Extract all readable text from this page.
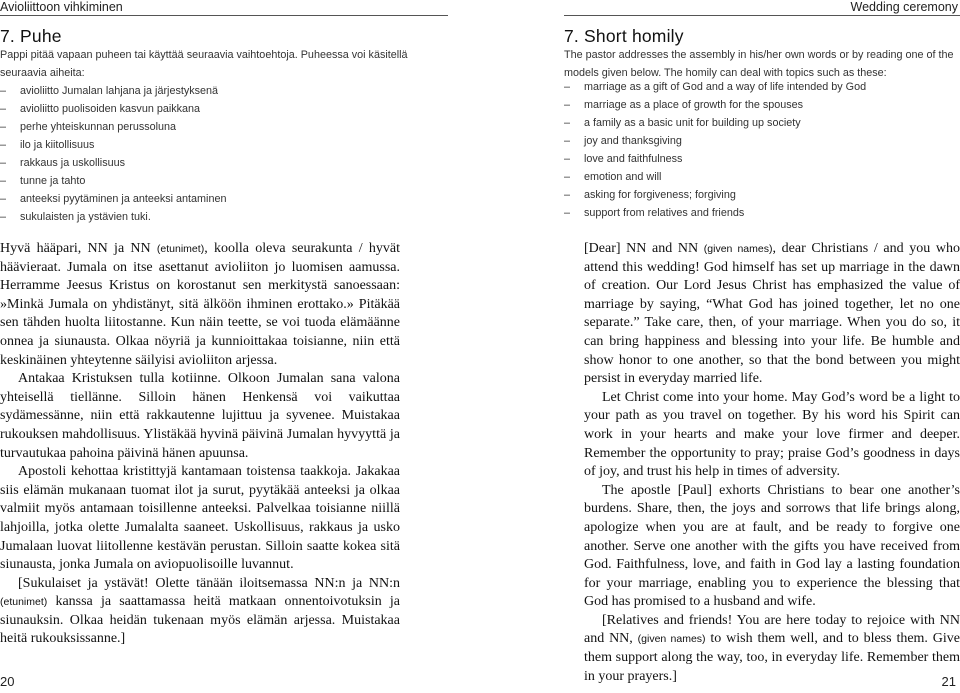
Avioliittoon vihkiminen
7. Puhe

Pappi pitää vapaan puheen tai käyttää seuraavia vaihtoehtoja. Puheessa voi käsitellä seuraavia aiheita:

– avioliitto Jumalan lahjana ja järjestyksenä
– avioliitto puolisoiden kasvun paikkana
– perhe yhteiskunnan perussoluna
– ilo ja kiitollisuus
– rakkaus ja uskollisuus
– tunne ja tahto
– anteeksi pyytäminen ja anteeksi antaminen
– sukulaisten ja ystävien tuki.

Hyvä hääpari, NN ja NN (etunimet), koolla oleva seurakunta / hyvät häävieraat. Jumala on itse asettanut avioliiton jo luomisen aamussa. Herramme Jeesus Kristus on korostanut sen merkitystä sanoessaan: »Minkä Jumala on yhdistänyt, sitä älköön ihminen erottako.» Pitäkää sen tähden huolta liitostanne. Kun näin teette, se voi tuoda elämäänne onnea ja siunausta. Olkaa nöyriä ja kunnioittakaa toisianne, niin että keskinäinen yhteytenne säilyisi avioliiton arjessa.

Antakaa Kristuksen tulla kotiinne. Olkoon Jumalan sana valona yhteisellä tiellänne. Silloin hänen Henkensä voi vaikuttaa sydämessänne, niin että rakkautenne lujittuu ja syvenee. Muistakaa rukouksen mahdollisuus. Ylistäkää hyvinä päivinä Jumalan hyvyyttä ja turvautukaa pahoina päivinä hänen apuunsa.

Apostoli kehottaa kristittyjä kantamaan toistensa taakkoja. Jakakaa siis elämän mukanaan tuomat ilot ja surut, pyytäkää anteeksi ja olkaa valmiit myös antamaan toisillenne anteeksi. Palvelkaa toisianne niillä lahjoilla, jotka olette Jumalalta saaneet. Uskollisuus, rakkaus ja usko Jumalaan luovat liitollenne kestävän perustan. Silloin saatte kokea sitä siunausta, jonka Jumala on aviopuolisoille luvannut.

[Sukulaiset ja ystävät! Olette tänään iloitsemassa NN:n ja NN:n (etunimet) kanssa ja saattamassa heitä matkaan onnentoivotuksin ja siunauksin. Olkaa heidän tukenaan myös elämän arjessa. Muistakaa heitä rukouksissanne.]

20
Wedding ceremony
7. Short homily

The pastor addresses the assembly in his/her own words or by reading one of the models given below. The homily can deal with topics such as these:

– marriage as a gift of God and a way of life intended by God
– marriage as a place of growth for the spouses
– a family as a basic unit for building up society
– joy and thanksgiving
– love and faithfulness
– emotion and will
– asking for forgiveness; forgiving
– support from relatives and friends

[Dear] NN and NN (given names), dear Christians / and you who attend this wedding! God himself has set up marriage in the dawn of creation. Our Lord Jesus Christ has emphasized the value of marriage by saying, “What God has joined together, let no one separate.” Take care, then, of your marriage. When you do so, it can bring happiness and blessing into your life. Be humble and show honor to one another, so that the bond between you might persist in everyday married life.

Let Christ come into your home. May God’s word be a light to your path as you travel on together. By his word his Spirit can work in your hearts and make your love firmer and deeper. Remember the opportunity to pray; praise God’s goodness in days of joy, and trust his help in times of adversity.

The apostle [Paul] exhorts Christians to bear one another’s burdens. Share, then, the joys and sorrows that life brings along, apologize when you are at fault, and be ready to forgive one another. Serve one another with the gifts you have received from God. Faithfulness, love, and faith in God lay a lasting foundation for your marriage, enabling you to experience the blessing that God has promised to a husband and wife.

[Relatives and friends! You are here today to rejoice with NN and NN, (given names) to wish them well, and to bless them. Give them support along the way, too, in everyday life. Remember them in your prayers.]	21
